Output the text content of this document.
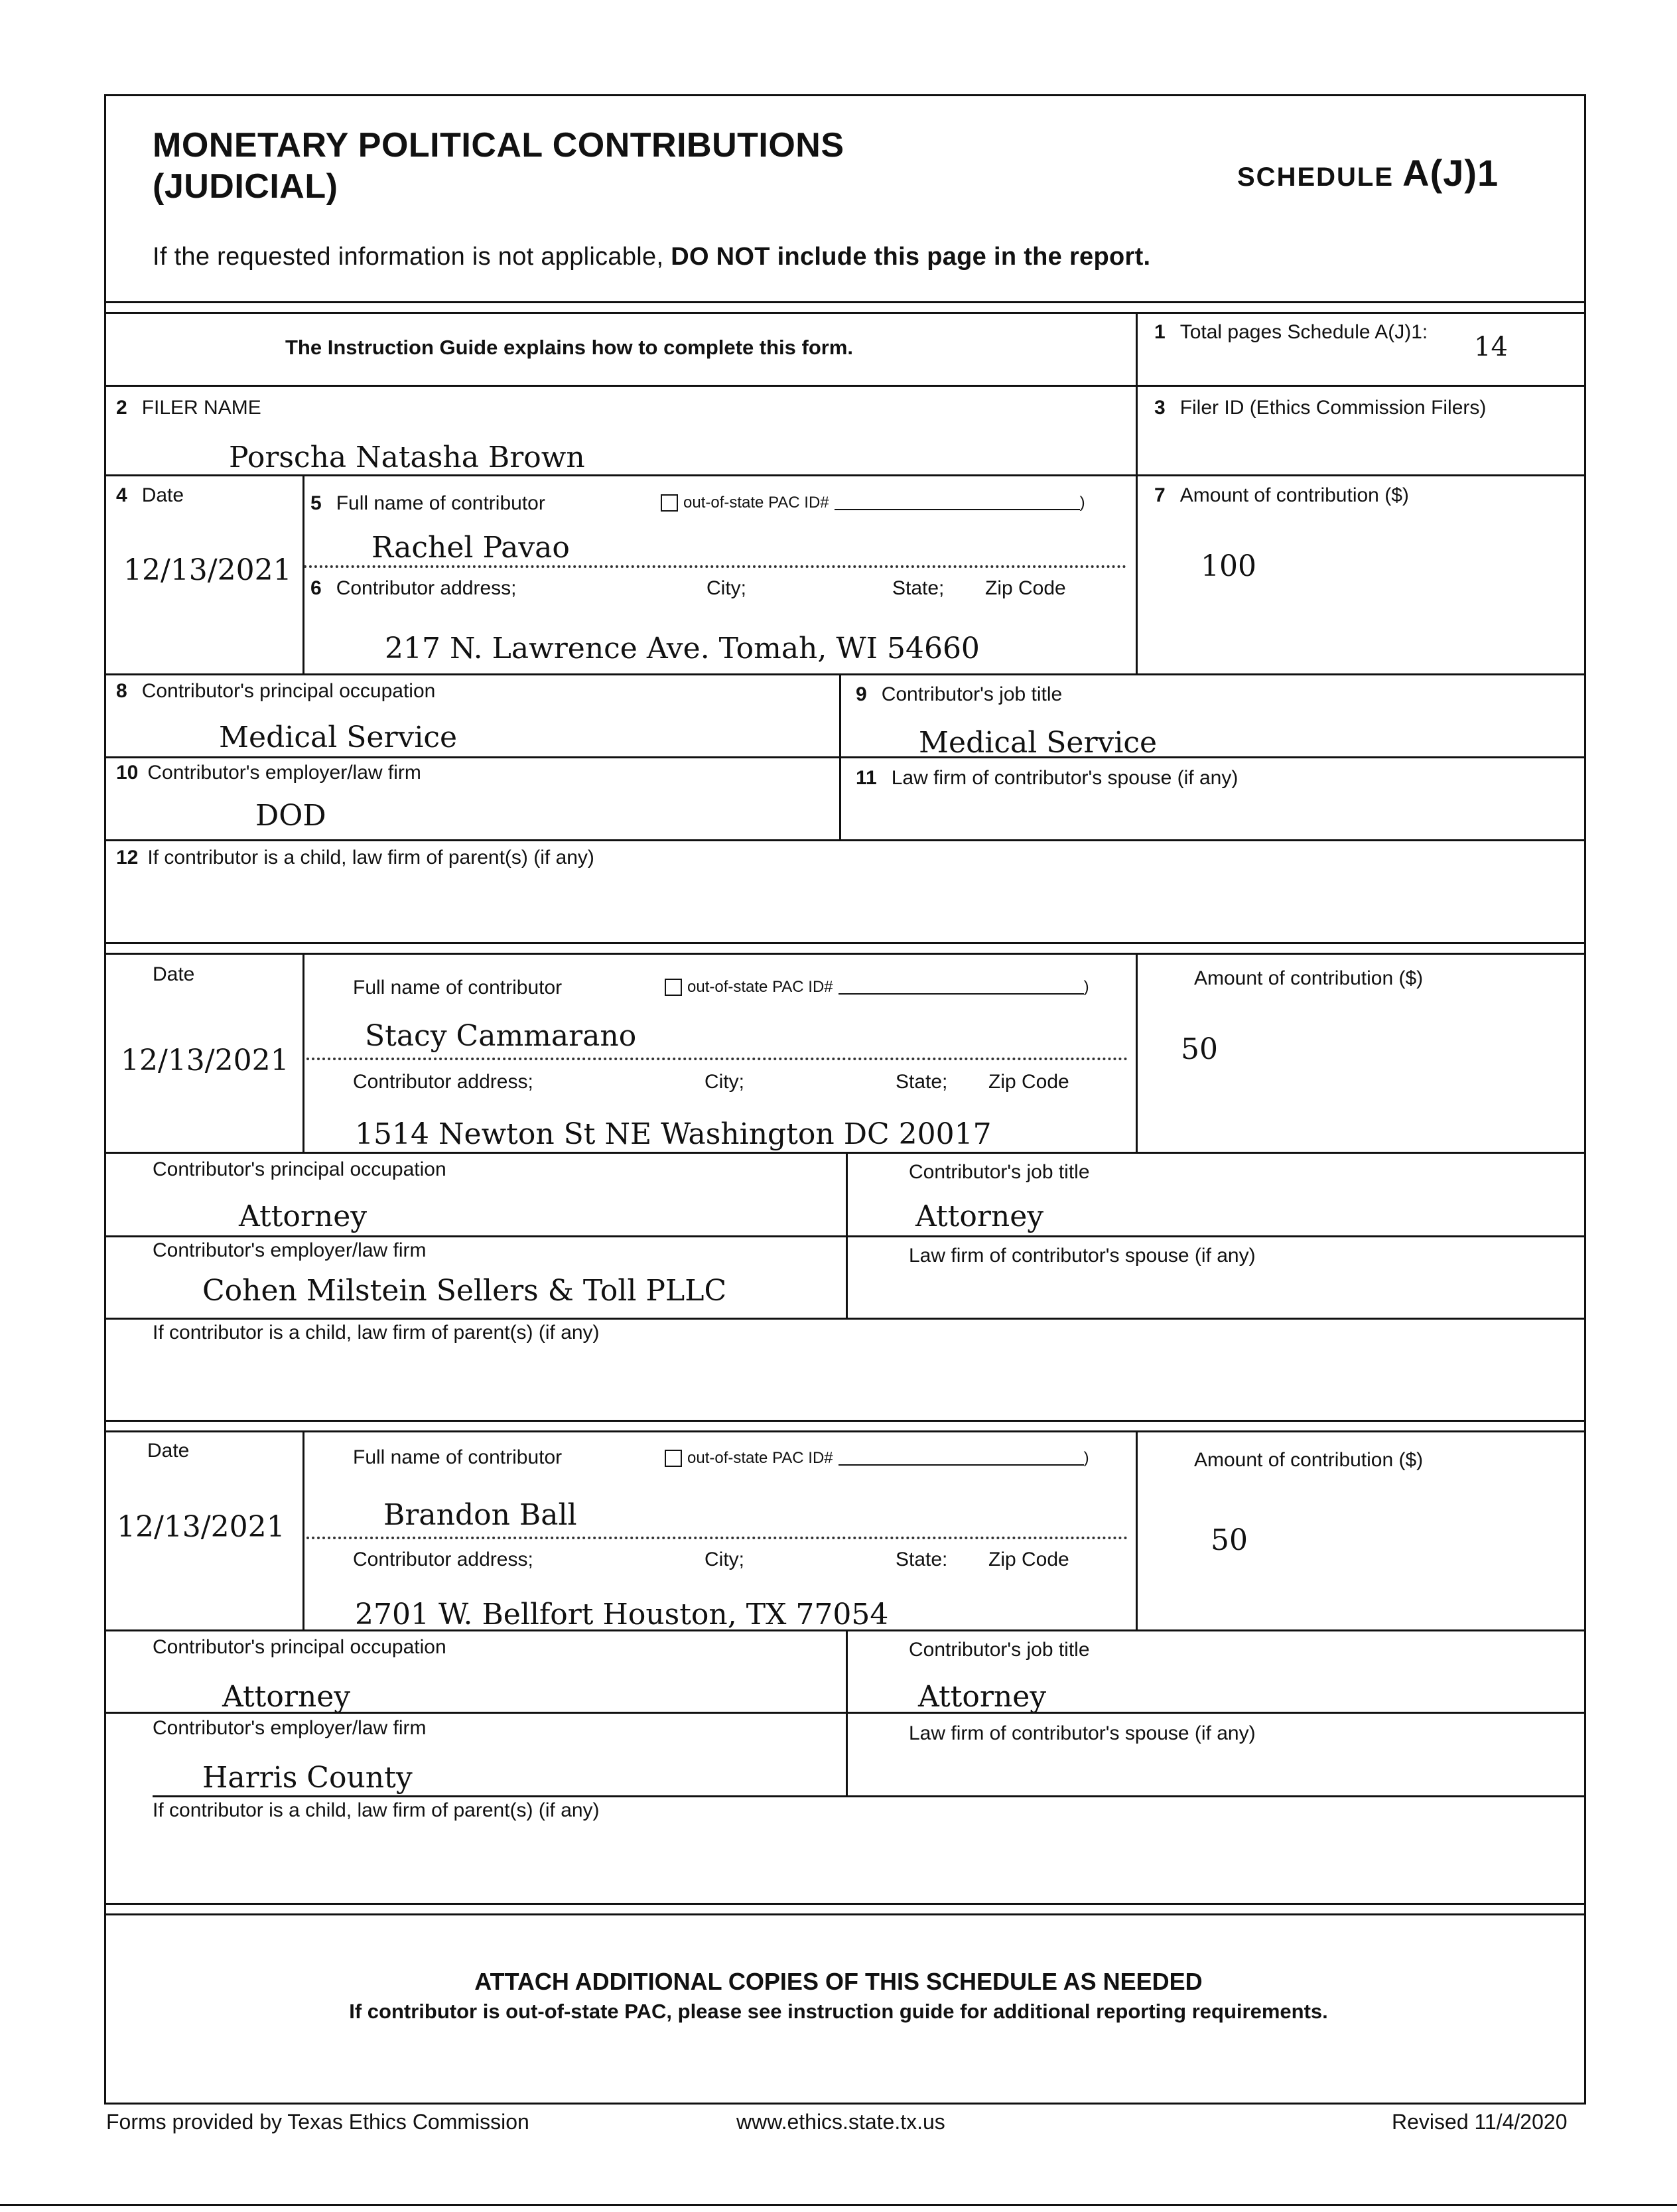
MONETARY POLITICAL CONTRIBUTIONS
(JUDICIAL)	SCHEDULE A(J)1
If the requested information is not applicable, DO NOT include this page in the report.
The Instruction Guide explains how to complete this form.
1 Total pages Schedule A(J)1: 14
2 FILER NAME
Porscha Natasha Brown
3 Filer ID (Ethics Commission Filers)
4 Date
12/13/2021
5 Full name of contributor	out-of-state PAC ID#	)
Rachel Pavao
6 Contributor address;	City;	State; Zip Code
217 N. Lawrence Ave. Tomah, WI 54660
7 Amount of contribution ($)
100
8 Contributor's principal occupation
Medical Service
9 Contributor's job title
Medical Service
10 Contributor's employer/law firm
DOD
11 Law firm of contributor's spouse (if any)
12 If contributor is a child, law firm of parent(s) (if any)
Date
12/13/2021
Full name of contributor	out-of-state PAC ID#	)
Stacy Cammarano
Contributor address;	City;	State; Zip Code
1514 Newton St NE Washington DC 20017
Amount of contribution ($)
50
Contributor's principal occupation
Attorney
Contributor's job title
Attorney
Contributor's employer/law firm
Cohen Milstein Sellers & Toll PLLC
Law firm of contributor's spouse (if any)
If contributor is a child, law firm of parent(s) (if any)
Date
12/13/2021
Full name of contributor	out-of-state PAC ID#	)
Brandon Ball
Contributor address;	City;	State: Zip Code
2701 W. Bellfort Houston, TX 77054
Amount of contribution ($)
50
Contributor's principal occupation
Attorney
Contributor's job title
Attorney
Contributor's employer/law firm
Harris County
Law firm of contributor's spouse (if any)
If contributor is a child, law firm of parent(s) (if any)
ATTACH ADDITIONAL COPIES OF THIS SCHEDULE AS NEEDED
If contributor is out-of-state PAC, please see instruction guide for additional reporting requirements.
Forms provided by Texas Ethics Commission	www.ethics.state.tx.us	Revised 11/4/2020
